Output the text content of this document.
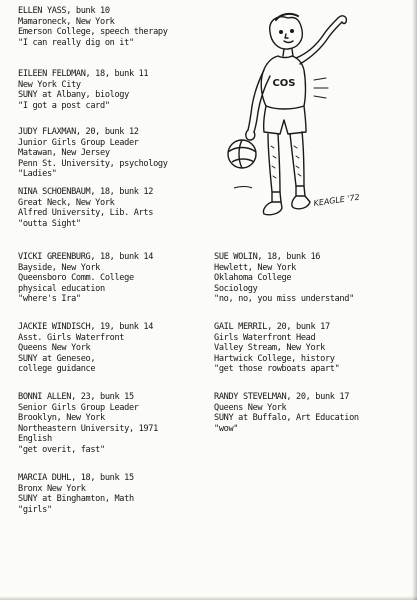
ELLEN YASS, bunk 10
Mamaroneck, New York
Emerson College, speech therapy
"I can really dig on it"
EILEEN FELDMAN, 18, bunk 11
New York City
SUNY at Albany, biology
"I got a post card"
JUDY FLAXMAN, 20, bunk 12
Junior Girls Group Leader
Matawan, New Jersey
Penn St. University, psychology
"Ladies"
NINA SCHOENBAUM, 18, bunk 12
Great Neck, New York
Alfred University, Lib. Arts
"outta Sight"
VICKI GREENBURG, 18, bunk 14
Bayside, New York
Queensboro Comm. College
physical education
"where's Ira"
SUE WOLIN, 18, bunk 16
Hewlett, New York
Oklahoma College
Sociology
"no, no, you miss understand"
JACKIE WINDISCH, 19, bunk 14
Asst. Girls Waterfront
Queens New York
SUNY at Geneseo,
college guidance
GAIL MERRIL, 20, bunk 17
Girls Waterfront Head
Valley Stream, New York
Hartwick College, history
"get those rowboats apart"
BONNI ALLEN, 23, bunk 15
Senior Girls Group Leader
Brooklyn, New York
Northeastern University, 1971
English
"get overit, fast"
RANDY STEVELMAN, 20, bunk 17
Queens New York
SUNY at Buffalo, Art Education
"wow"
MARCIA DUHL, 18, bunk 15
Bronx New York
SUNY at Binghamton, Math
"girls"
COS
KEAGLE '72
